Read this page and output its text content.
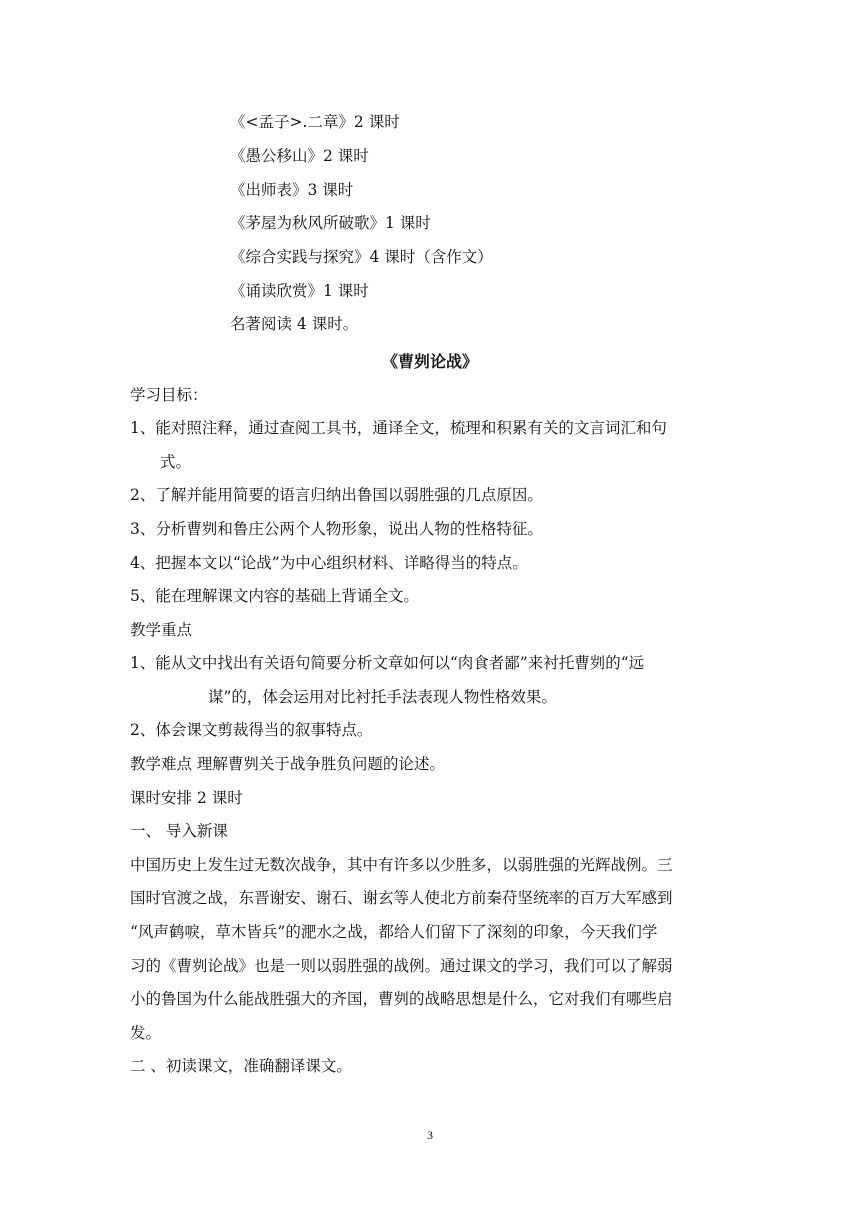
《<孟子>.二章》2 课时
《愚公移山》2 课时
《出师表》3 课时
《茅屋为秋风所破歌》1 课时
《综合实践与探究》4 课时（含作文）
《诵读欣赏》1 课时
名著阅读 4 课时。
《曹刿论战》
学习目标：
1、能对照注释，通过查阅工具书，通译全文，梳理和积累有关的文言词汇和句
式。
2、了解并能用简要的语言归纳出鲁国以弱胜强的几点原因。
3、分析曹刿和鲁庄公两个人物形象，说出人物的性格特征。
4、把握本文以“论战”为中心组织材料、详略得当的特点。
5、能在理解课文内容的基础上背诵全文。
教学重点
1、能从文中找出有关语句简要分析文章如何以“肉食者鄙”来衬托曹刿的“远
谋”的，体会运用对比衬托手法表现人物性格效果。
2、体会课文剪裁得当的叙事特点。
教学难点 理解曹刿关于战争胜负问题的论述。
课时安排 2 课时
一、 导入新课
中国历史上发生过无数次战争，其中有许多以少胜多，以弱胜强的光辉战例。三
国时官渡之战，东晋谢安、谢石、谢玄等人使北方前秦苻坚统率的百万大军感到
“风声鹤唳，草木皆兵”的淝水之战，都给人们留下了深刻的印象，今天我们学
习的《曹刿论战》也是一则以弱胜强的战例。通过课文的学习，我们可以了解弱
小的鲁国为什么能战胜强大的齐国，曹刿的战略思想是什么，它对我们有哪些启
发。
二 、初读课文，准确翻译课文。
3
